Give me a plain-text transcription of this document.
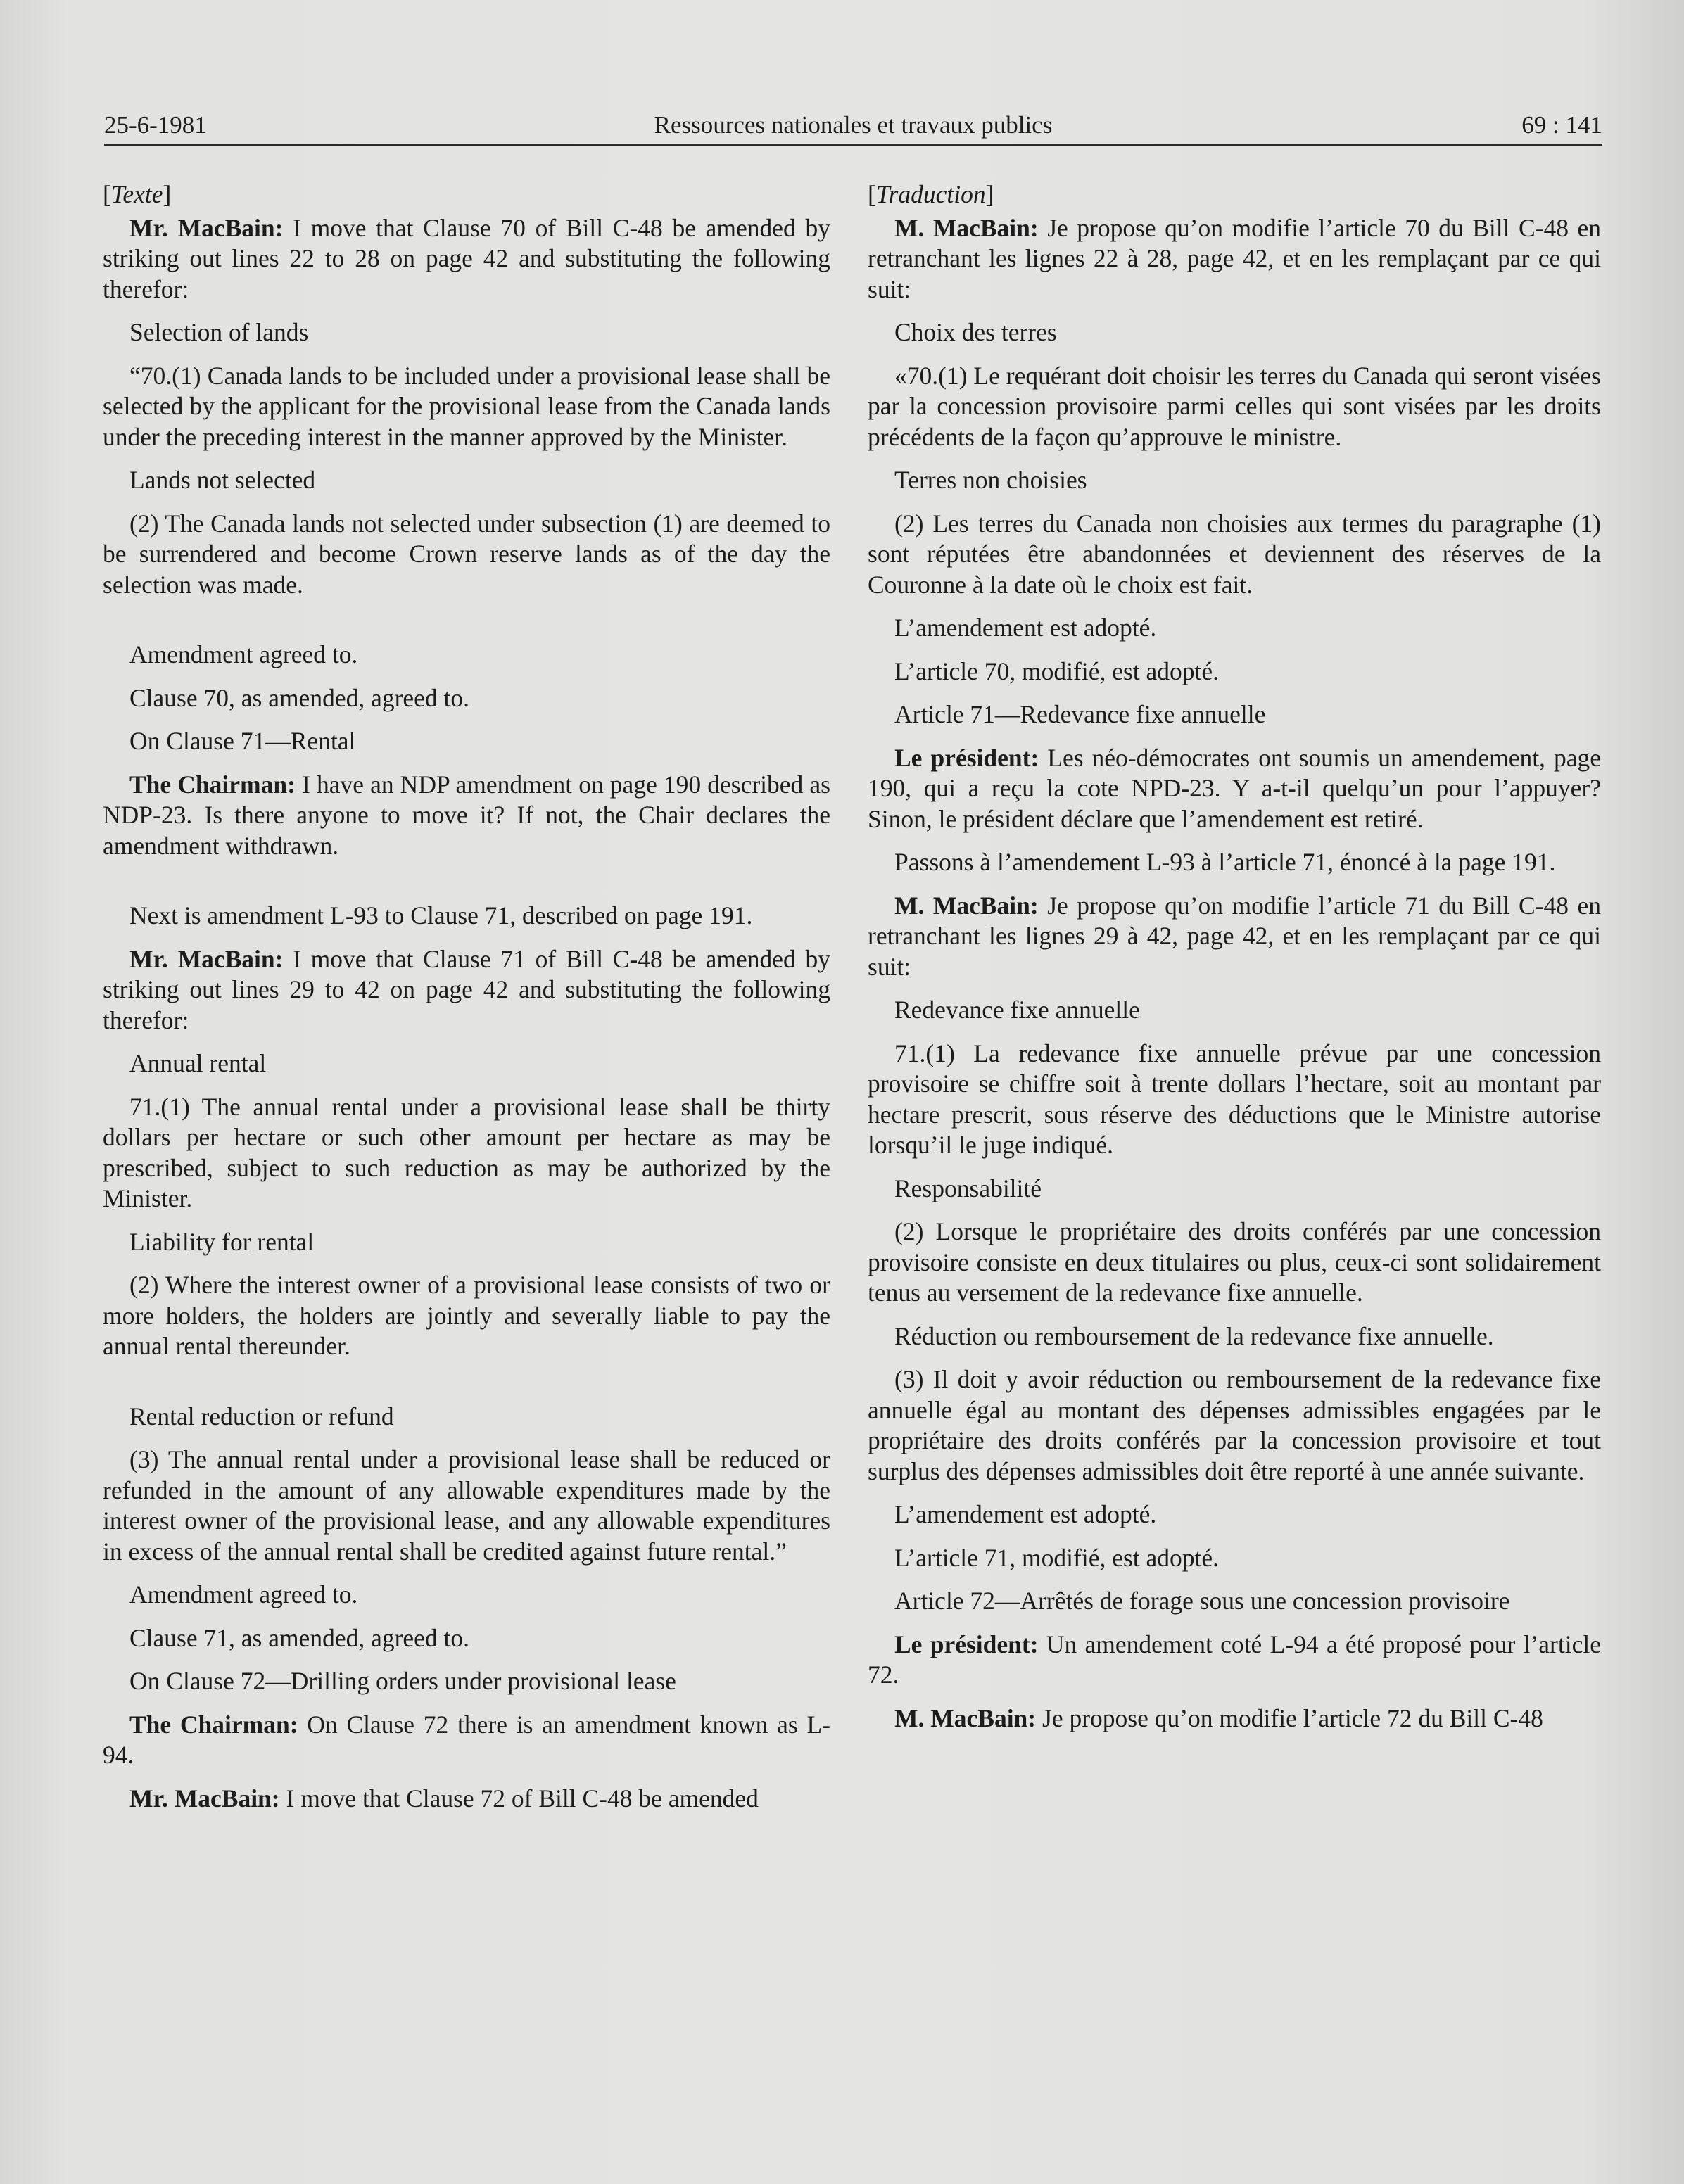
25-6-1981	Ressources nationales et travaux publics	69 : 141

[Texte]

Mr. MacBain: I move that Clause 70 of Bill C-48 be amended by striking out lines 22 to 28 on page 42 and substituting the following therefor:

Selection of lands

“70.(1) Canada lands to be included under a provisional lease shall be selected by the applicant for the provisional lease from the Canada lands under the preceding interest in the manner approved by the Minister.

Lands not selected

(2) The Canada lands not selected under subsection (1) are deemed to be surrendered and become Crown reserve lands as of the day the selection was made.

Amendment agreed to.

Clause 70, as amended, agreed to.

On Clause 71—Rental

The Chairman: I have an NDP amendment on page 190 described as NDP-23. Is there anyone to move it? If not, the Chair declares the amendment withdrawn.

Next is amendment L-93 to Clause 71, described on page 191.

Mr. MacBain: I move that Clause 71 of Bill C-48 be amended by striking out lines 29 to 42 on page 42 and substituting the following therefor:

Annual rental

71.(1) The annual rental under a provisional lease shall be thirty dollars per hectare or such other amount per hectare as may be prescribed, subject to such reduction as may be authorized by the Minister.

Liability for rental

(2) Where the interest owner of a provisional lease consists of two or more holders, the holders are jointly and severally liable to pay the annual rental thereunder.

Rental reduction or refund

(3) The annual rental under a provisional lease shall be reduced or refunded in the amount of any allowable expenditures made by the interest owner of the provisional lease, and any allowable expenditures in excess of the annual rental shall be credited against future rental.”

Amendment agreed to.

Clause 71, as amended, agreed to.

On Clause 72—Drilling orders under provisional lease

The Chairman: On Clause 72 there is an amendment known as L-94.

Mr. MacBain: I move that Clause 72 of Bill C-48 be amended

[Traduction]

M. MacBain: Je propose qu’on modifie l’article 70 du Bill C-48 en retranchant les lignes 22 à 28, page 42, et en les remplaçant par ce qui suit:

Choix des terres

«70.(1) Le requérant doit choisir les terres du Canada qui seront visées par la concession provisoire parmi celles qui sont visées par les droits précédents de la façon qu’approuve le ministre.

Terres non choisies

(2) Les terres du Canada non choisies aux termes du paragraphe (1) sont réputées être abandonnées et deviennent des réserves de la Couronne à la date où le choix est fait.

L’amendement est adopté.

L’article 70, modifié, est adopté.

Article 71—Redevance fixe annuelle

Le président: Les néo-démocrates ont soumis un amendement, page 190, qui a reçu la cote NPD-23. Y a-t-il quelqu’un pour l’appuyer? Sinon, le président déclare que l’amendement est retiré.

Passons à l’amendement L-93 à l’article 71, énoncé à la page 191.

M. MacBain: Je propose qu’on modifie l’article 71 du Bill C-48 en retranchant les lignes 29 à 42, page 42, et en les remplaçant par ce qui suit:

Redevance fixe annuelle

71.(1) La redevance fixe annuelle prévue par une concession provisoire se chiffre soit à trente dollars l’hectare, soit au montant par hectare prescrit, sous réserve des déductions que le Ministre autorise lorsqu’il le juge indiqué.

Responsabilité

(2) Lorsque le propriétaire des droits conférés par une concession provisoire consiste en deux titulaires ou plus, ceux-ci sont solidairement tenus au versement de la redevance fixe annuelle.

Réduction ou remboursement de la redevance fixe annuelle.

(3) Il doit y avoir réduction ou remboursement de la redevance fixe annuelle égal au montant des dépenses admissibles engagées par le propriétaire des droits conférés par la concession provisoire et tout surplus des dépenses admissibles doit être reporté à une année suivante.

L’amendement est adopté.

L’article 71, modifié, est adopté.

Article 72—Arrêtés de forage sous une concession provisoire

Le président: Un amendement coté L-94 a été proposé pour l’article 72.

M. MacBain: Je propose qu’on modifie l’article 72 du Bill C-48
